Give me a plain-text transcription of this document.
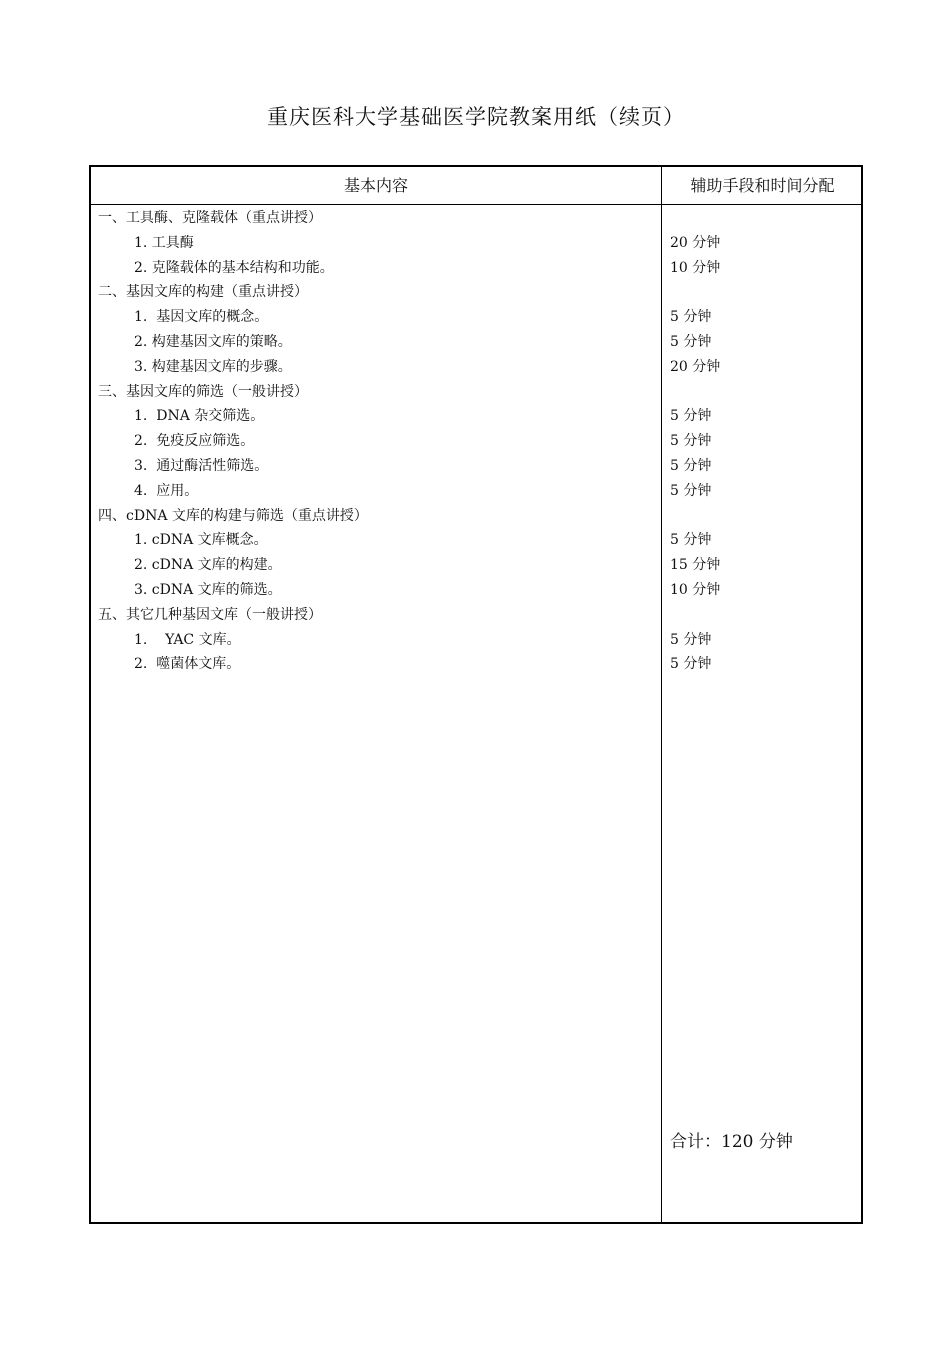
重庆医科大学基础医学院教案用纸（续页）
基本内容	辅助手段和时间分配
一、工具酶、克隆载体（重点讲授）
1. 工具酶	20 分钟
2. 克隆载体的基本结构和功能。	10 分钟
二、基因文库的构建（重点讲授）
1.  基因文库的概念。	5 分钟
2. 构建基因文库的策略。	5 分钟
3. 构建基因文库的步骤。	20 分钟
三、基因文库的筛选（一般讲授）
1.  DNA 杂交筛选。	5 分钟
2.  免疫反应筛选。	5 分钟
3.  通过酶活性筛选。	5 分钟
4.  应用。	5 分钟
四、cDNA 文库的构建与筛选（重点讲授）
1. cDNA 文库概念。	5 分钟
2. cDNA 文库的构建。	15 分钟
3. cDNA 文库的筛选。	10 分钟
五、其它几种基因文库（一般讲授）
1.    YAC 文库。	5 分钟
2.  噬菌体文库。	5 分钟
合计：120 分钟
